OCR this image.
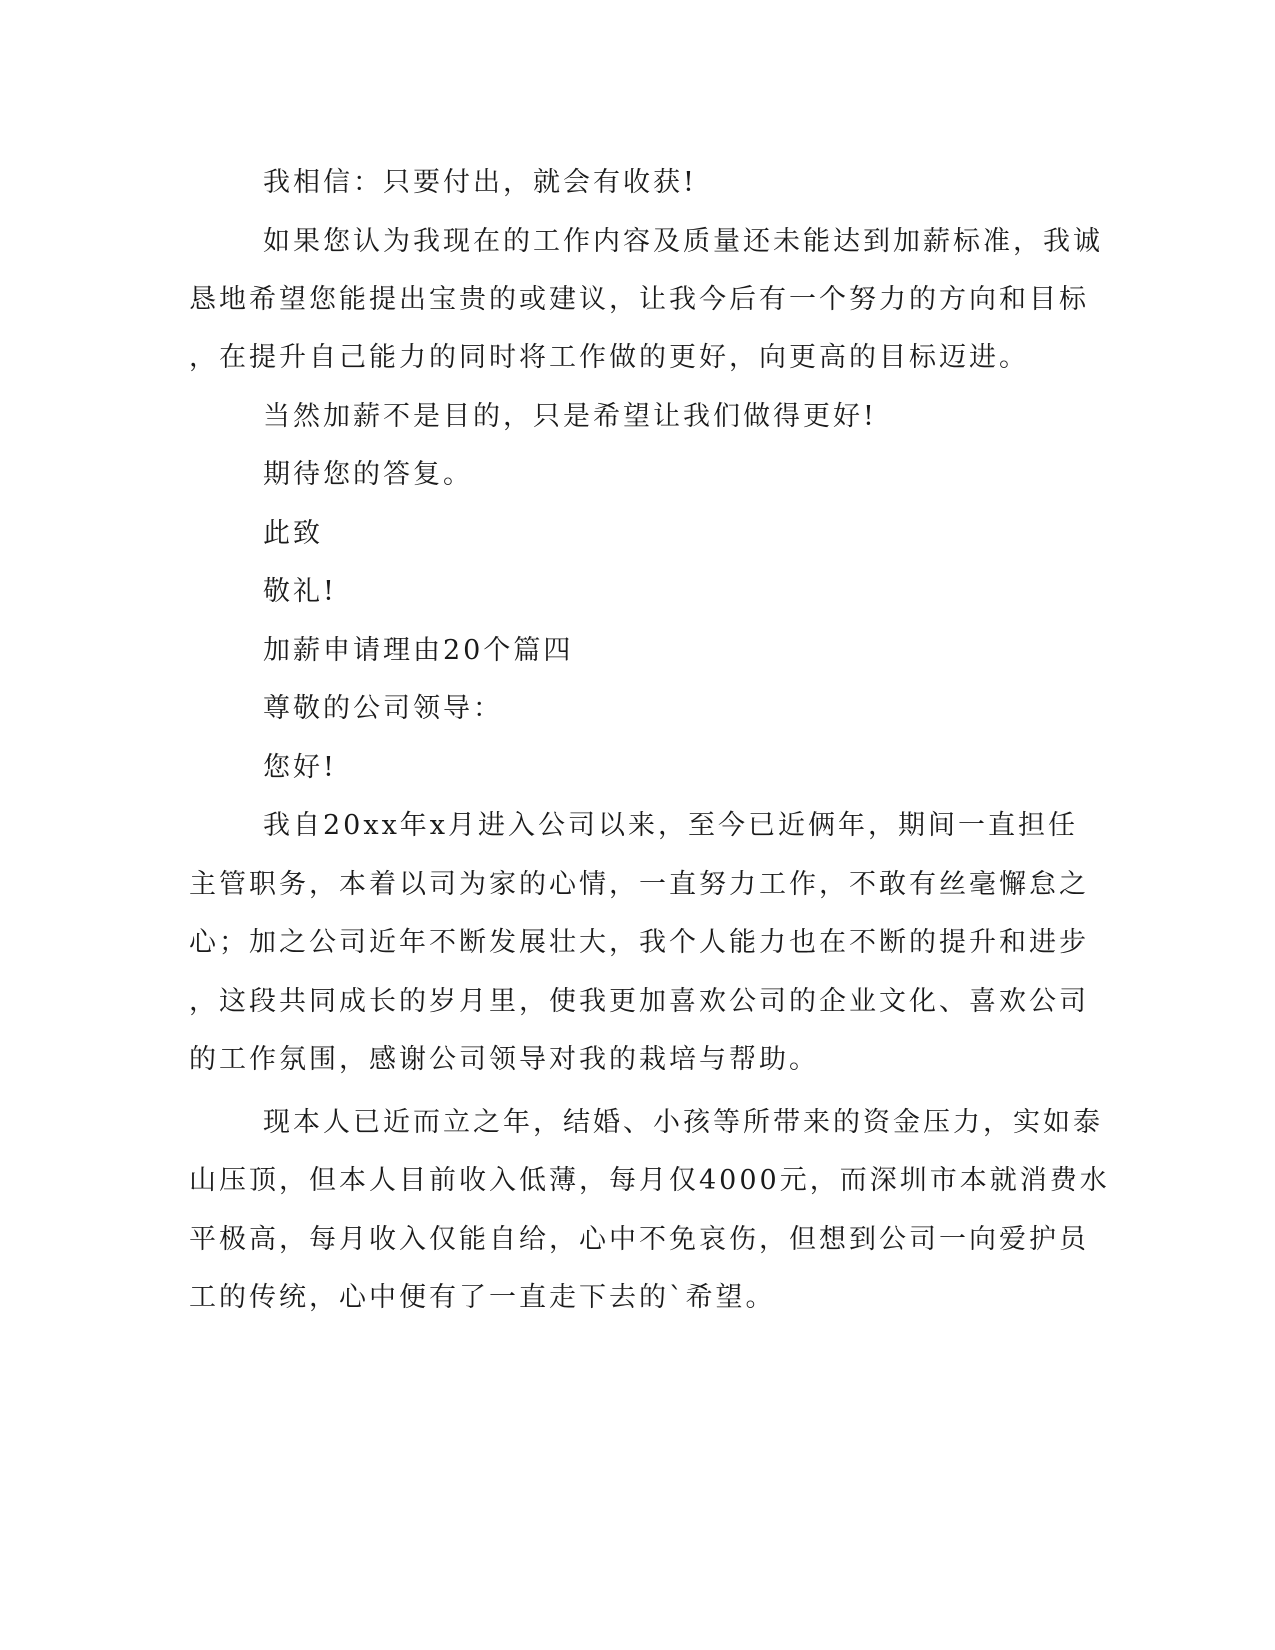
我相信：只要付出，就会有收获!
如果您认为我现在的工作内容及质量还未能达到加薪标准，我诚
恳地希望您能提出宝贵的或建议，让我今后有一个努力的方向和目标
，在提升自己能力的同时将工作做的更好，向更高的目标迈进。
当然加薪不是目的，只是希望让我们做得更好!
期待您的答复。
此致
敬礼!
加薪申请理由20个篇四
尊敬的公司领导：
您好!
我自20xx年x月进入公司以来，至今已近俩年，期间一直担任
主管职务，本着以司为家的心情，一直努力工作，不敢有丝毫懈怠之
心；加之公司近年不断发展壮大，我个人能力也在不断的提升和进步
，这段共同成长的岁月里，使我更加喜欢公司的企业文化、喜欢公司
的工作氛围，感谢公司领导对我的栽培与帮助。
现本人已近而立之年，结婚、小孩等所带来的资金压力，实如泰
山压顶，但本人目前收入低薄，每月仅4000元，而深圳市本就消费水
平极高，每月收入仅能自给，心中不免哀伤，但想到公司一向爱护员
工的传统，心中便有了一直走下去的`希望。
